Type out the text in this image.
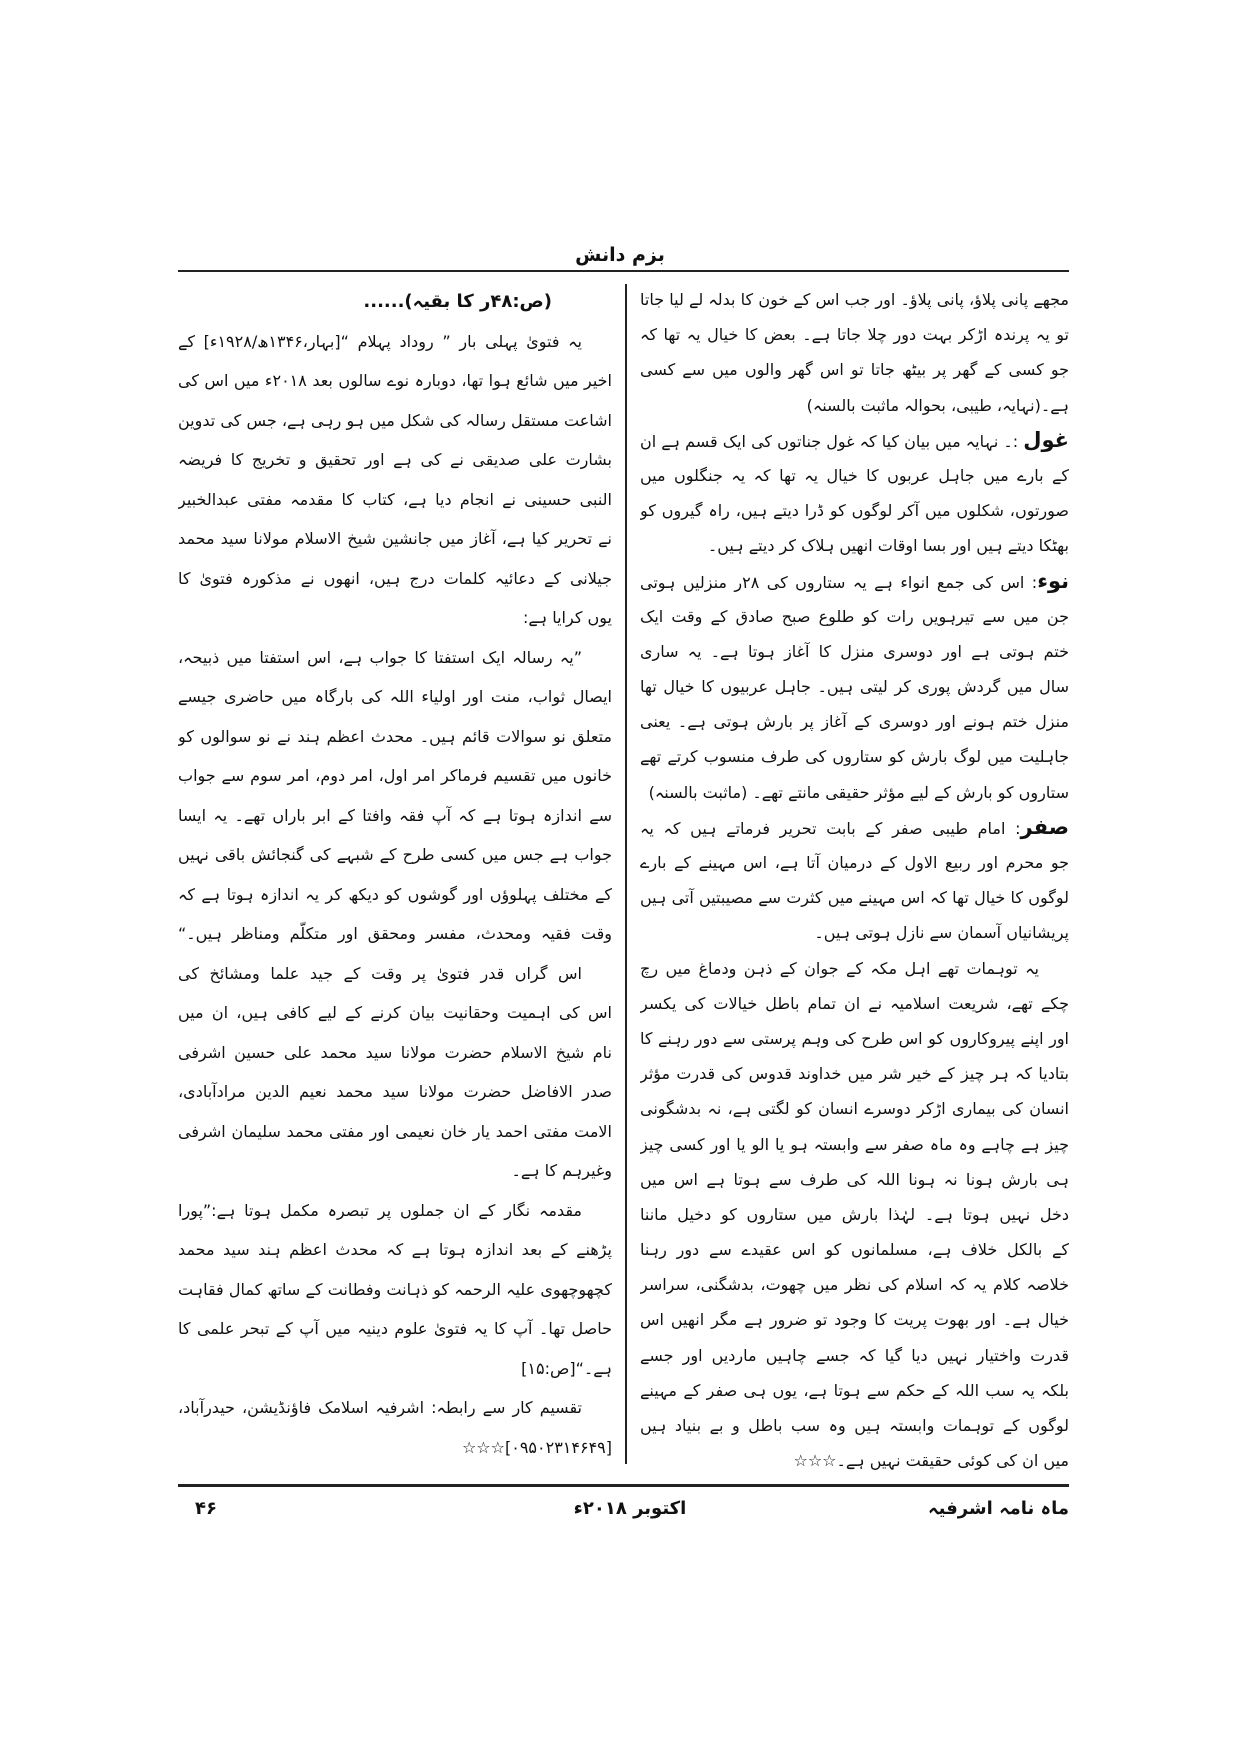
بزم دانش
مجھے پانی پلاؤ، پانی پلاؤ۔ اور جب اس کے خون کا بدلہ لے لیا جاتا
تو یہ پرندہ اڑکر بہت دور چلا جاتا ہے۔ بعض کا خیال یہ تھا کہ
جو کسی کے گھر پر بیٹھ جاتا تو اس گھر والوں میں سے کسی
ہے۔(نہایہ، طیبی، بحوالہ ماثبت بالسنہ)
غول :۔ نہایہ میں بیان کیا کہ غول جناتوں کی ایک قسم ہے ان
کے بارے میں جاہل عربوں کا خیال یہ تھا کہ یہ جنگلوں میں
صورتوں، شکلوں میں آکر لوگوں کو ڈرا دیتے ہیں، راہ گیروں کو
بھٹکا دیتے ہیں اور بسا اوقات انھیں ہلاک کر دیتے ہیں۔
نوء: اس کی جمع انواء ہے یہ ستاروں کی ۲۸ر منزلیں ہوتی
جن میں سے تیرہویں رات کو طلوع صبح صادق کے وقت ایک
ختم ہوتی ہے اور دوسری منزل کا آغاز ہوتا ہے۔ یہ ساری
سال میں گردش پوری کر لیتی ہیں۔ جاہل عربیوں کا خیال تھا
منزل ختم ہونے اور دوسری کے آغاز پر بارش ہوتی ہے۔ یعنی
جاہلیت میں لوگ بارش کو ستاروں کی طرف منسوب کرتے تھے
ستاروں کو بارش کے لیے مؤثر حقیقی مانتے تھے۔ (ماثبت بالسنہ)
صفر: امام طیبی صفر کے بابت تحریر فرماتے ہیں کہ یہ
جو محرم اور ربیع الاول کے درمیان آتا ہے، اس مہینے کے بارے
لوگوں کا خیال تھا کہ اس مہینے میں کثرت سے مصیبتیں آتی ہیں
پریشانیاں آسمان سے نازل ہوتی ہیں۔
یہ توہمات تھے اہل مکہ کے جوان کے ذہن ودماغ میں رچ
چکے تھے، شریعت اسلامیہ نے ان تمام باطل خیالات کی یکسر
اور اپنے پیروکاروں کو اس طرح کی وہم پرستی سے دور رہنے کا
بتادیا کہ ہر چیز کے خیر شر میں خداوند قدوس کی قدرت مؤثر
انسان کی بیماری اڑکر دوسرے انسان کو لگتی ہے، نہ بدشگونی
چیز ہے چاہے وہ ماہ صفر سے وابستہ ہو یا الو یا اور کسی چیز
ہی بارش ہونا نہ ہونا اللہ کی طرف سے ہوتا ہے اس میں
دخل نہیں ہوتا ہے۔ لہٰذا بارش میں ستاروں کو دخیل ماننا
کے بالکل خلاف ہے، مسلمانوں کو اس عقیدے سے دور رہنا
خلاصہ کلام یہ کہ اسلام کی نظر میں چھوت، بدشگنی، سراسر
خیال ہے۔ اور بھوت پریت کا وجود تو ضرور ہے مگر انھیں اس
قدرت واختیار نہیں دیا گیا کہ جسے چاہیں ماردیں اور جسے
بلکہ یہ سب اللہ کے حکم سے ہوتا ہے، یوں ہی صفر کے مہینے
لوگوں کے توہمات وابستہ ہیں وہ سب باطل و بے بنیاد ہیں
میں ان کی کوئی حقیقت نہیں ہے۔☆☆☆
(ص:۴۸ر کا بقیہ)......
یہ فتویٰ پہلی بار ” روداد پہلام “[بہار،۱۳۴۶ھ/۱۹۲۸ء] کے
اخیر میں شائع ہوا تھا، دوبارہ نوے سالوں بعد ۲۰۱۸ء میں اس کی
اشاعت مستقل رسالہ کی شکل میں ہو رہی ہے، جس کی تدوین
بشارت علی صدیقی نے کی ہے اور تحقیق و تخریج کا فریضہ
النبی حسینی نے انجام دیا ہے، کتاب کا مقدمہ مفتی عبدالخبیر
نے تحریر کیا ہے، آغاز میں جانشین شیخ الاسلام مولانا سید محمد
جیلانی کے دعائیہ کلمات درج ہیں، انھوں نے مذکورہ فتویٰ کا
یوں کرایا ہے:
”یہ رسالہ ایک استفتا کا جواب ہے، اس استفتا میں ذبیحہ،
ایصال ثواب، منت اور اولیاء اللہ کی بارگاہ میں حاضری جیسے
متعلق نو سوالات قائم ہیں۔ محدث اعظم ہند نے نو سوالوں کو
خانوں میں تقسیم فرماکر امر اول، امر دوم، امر سوم سے جواب
سے اندازہ ہوتا ہے کہ آپ فقہ وافتا کے ابر باراں تھے۔ یہ ایسا
جواب ہے جس میں کسی طرح کے شبہے کی گنجائش باقی نہیں
کے مختلف پہلوؤں اور گوشوں کو دیکھ کر یہ اندازہ ہوتا ہے کہ
وقت فقیہ ومحدث، مفسر ومحقق اور متکلّم ومناظر ہیں۔“
اس گراں قدر فتویٰ پر وقت کے جید علما ومشائخ کی
اس کی اہمیت وحقانیت بیان کرنے کے لیے کافی ہیں، ان میں
نام شیخ الاسلام حضرت مولانا سید محمد علی حسین اشرفی
صدر الافاضل حضرت مولانا سید محمد نعیم الدین مرادآبادی،
الامت مفتی احمد یار خان نعیمی اور مفتی محمد سلیمان اشرفی
وغیرہم کا ہے۔
مقدمہ نگار کے ان جملوں پر تبصرہ مکمل ہوتا ہے:”پورا
پڑھنے کے بعد اندازہ ہوتا ہے کہ محدث اعظم ہند سید محمد
کچھوچھوی علیہ الرحمہ کو ذہانت وفطانت کے ساتھ کمال فقاہت
حاصل تھا۔ آپ کا یہ فتویٰ علوم دینیہ میں آپ کے تبحر علمی کا
ہے۔“[ص:۱۵]
تقسیم کار سے رابطہ: اشرفیہ اسلامک فاؤنڈیشن، حیدرآباد،
[۰۹۵۰۲۳۱۴۶۴۹]☆☆☆
ماہ نامہ اشرفیہ
اکتوبر ۲۰۱۸ء
۴۶
